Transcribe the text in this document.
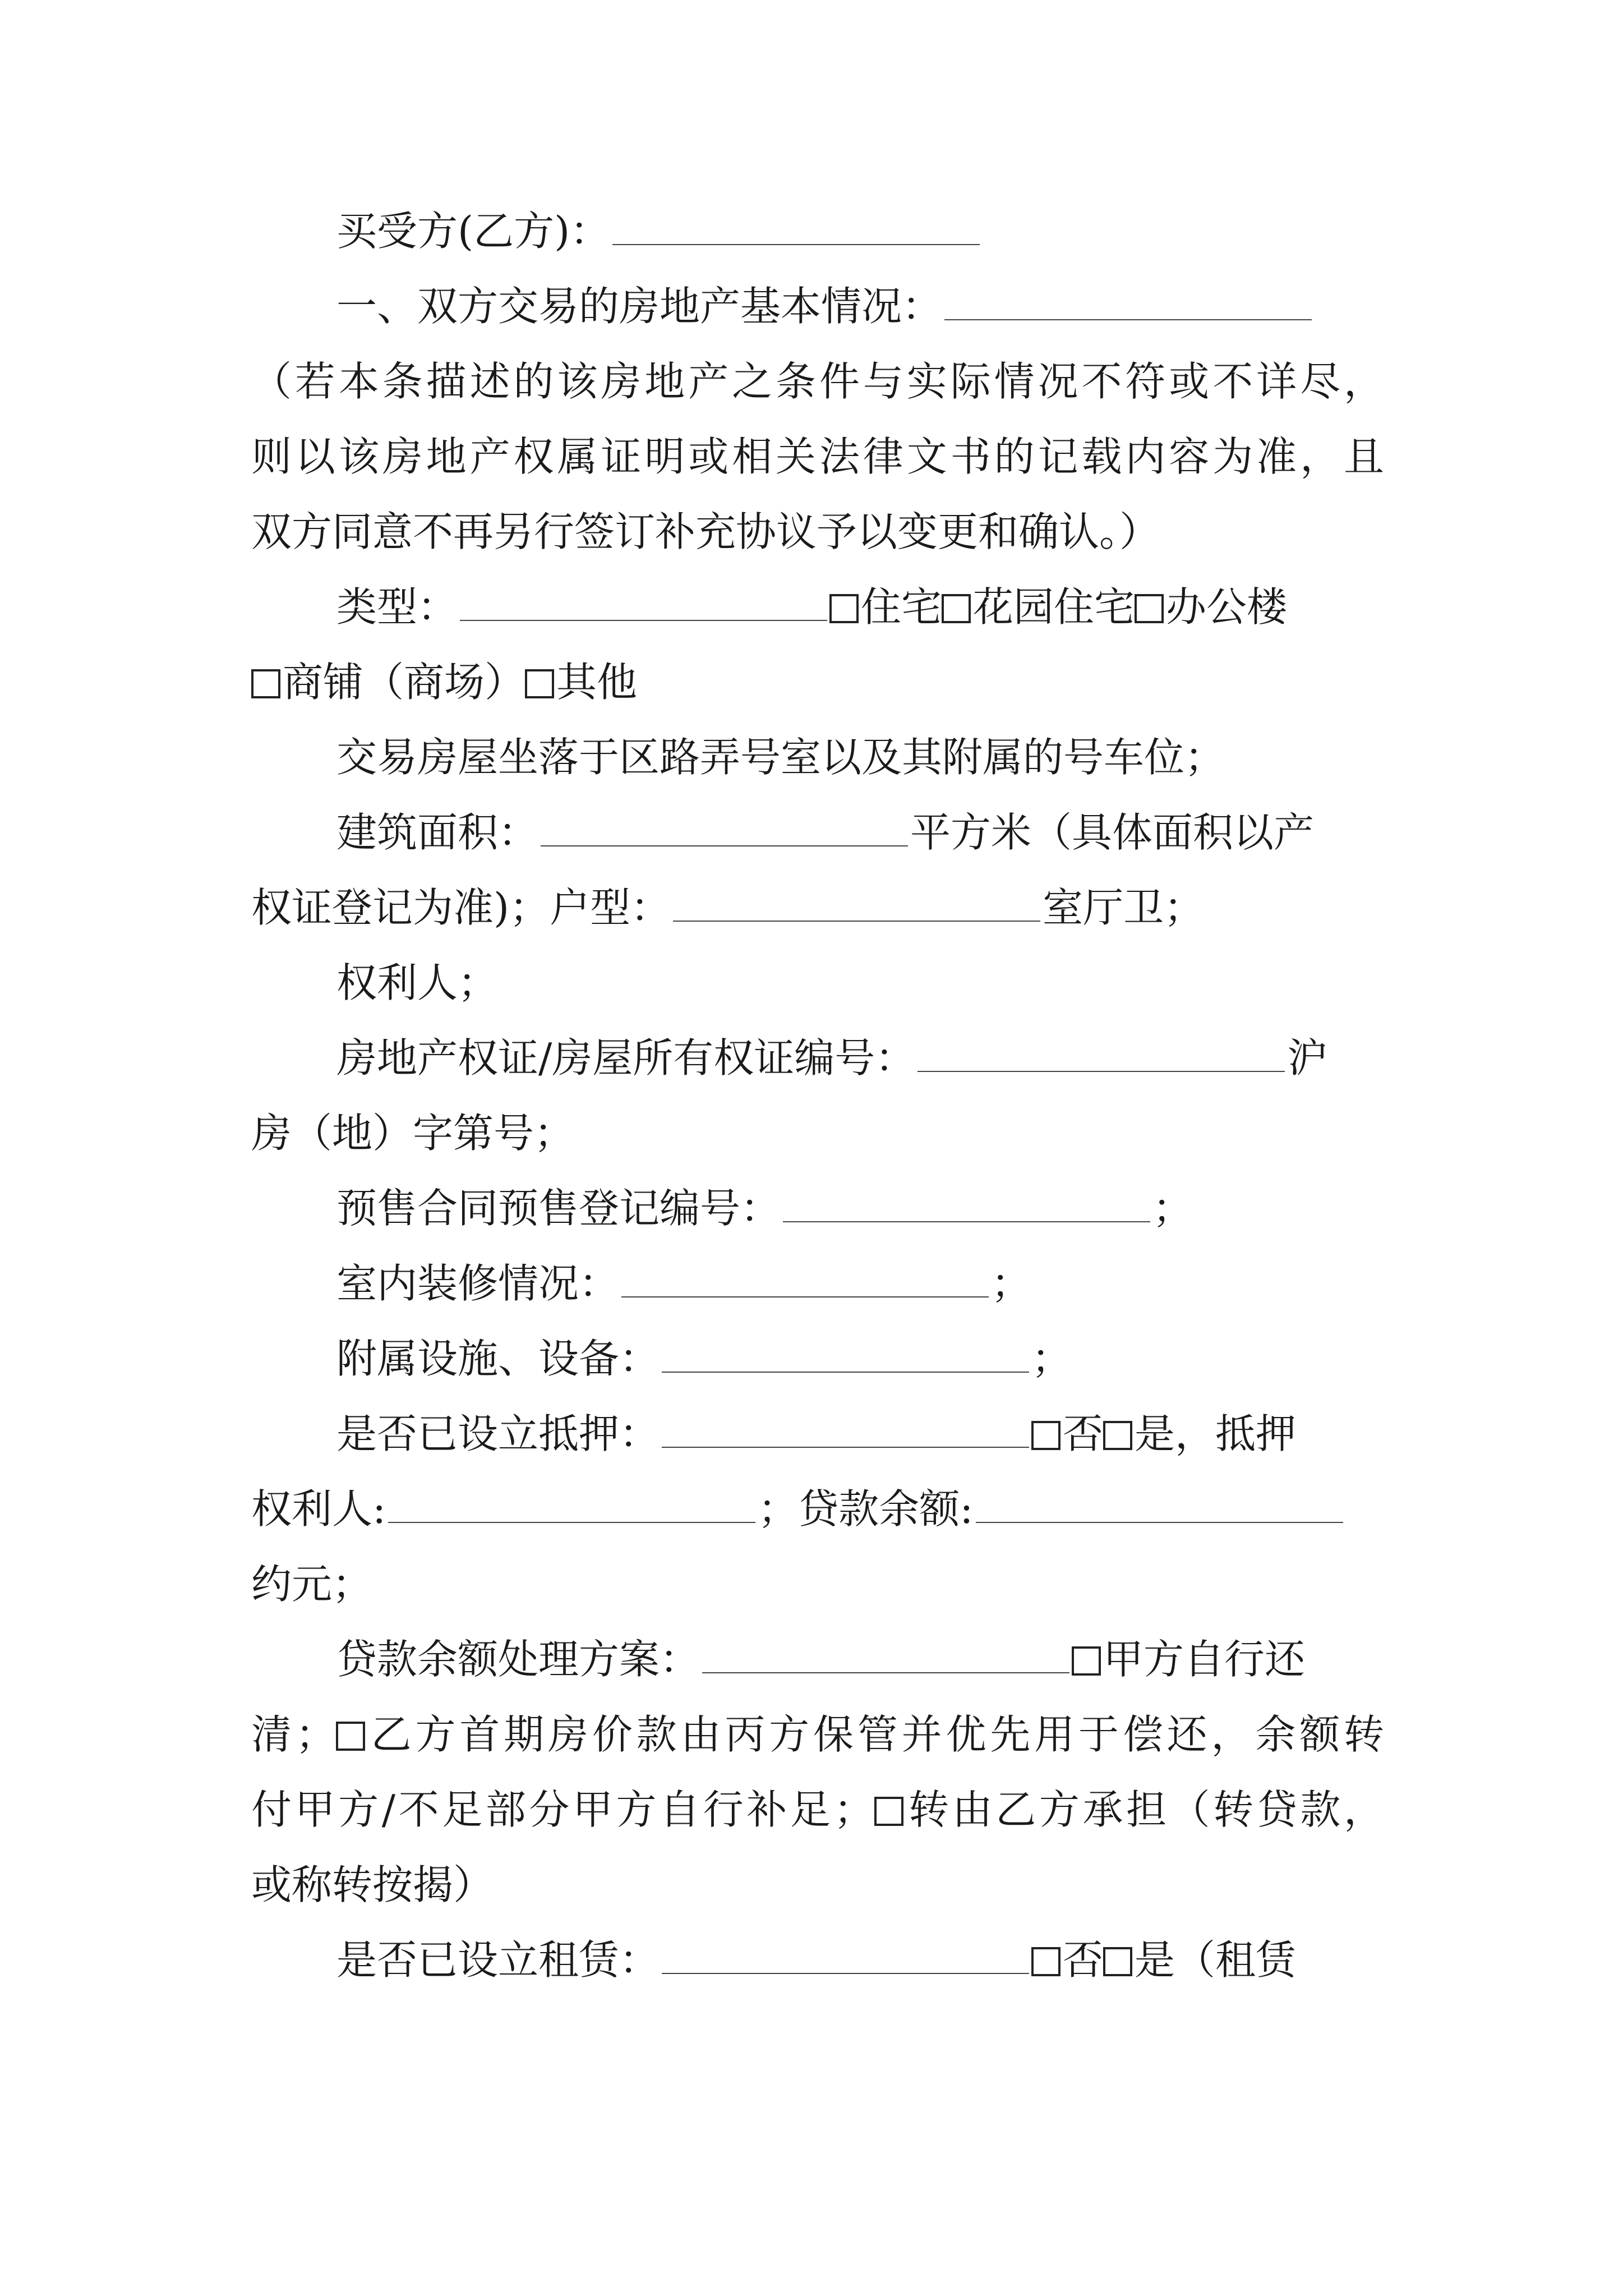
买受方(乙方)：
一、双方交易的房地产基本情况：
（若本条描述的该房地产之条件与实际情况不符或不详尽，
则以该房地产权属证明或相关法律文书的记载内容为准，且
双方同意不再另行签订补充协议予以变更和确认。）
类型：	住宅 花园住宅 办公楼
商铺（商场） 其他
交易房屋坐落于区路弄号室以及其附属的号车位；
建筑面积：	平方米（具体面积以产
权证登记为准)；户型：	室厅卫；
权利人；
房地产权证/房屋所有权证编号：	沪
房（地）字第号；
预售合同预售登记编号：	；
室内装修情况：	；
附属设施、设备：	；
是否已设立抵押：	否 是，抵押
权利人:	；贷款余额:
约元；
贷款余额处理方案：	甲方自行还
清； 乙方首期房价款由丙方保管并优先用于偿还，余额转
付甲方/不足部分甲方自行补足； 转由乙方承担（转贷款，
或称转按揭）
是否已设立租赁：	否 是（租赁
